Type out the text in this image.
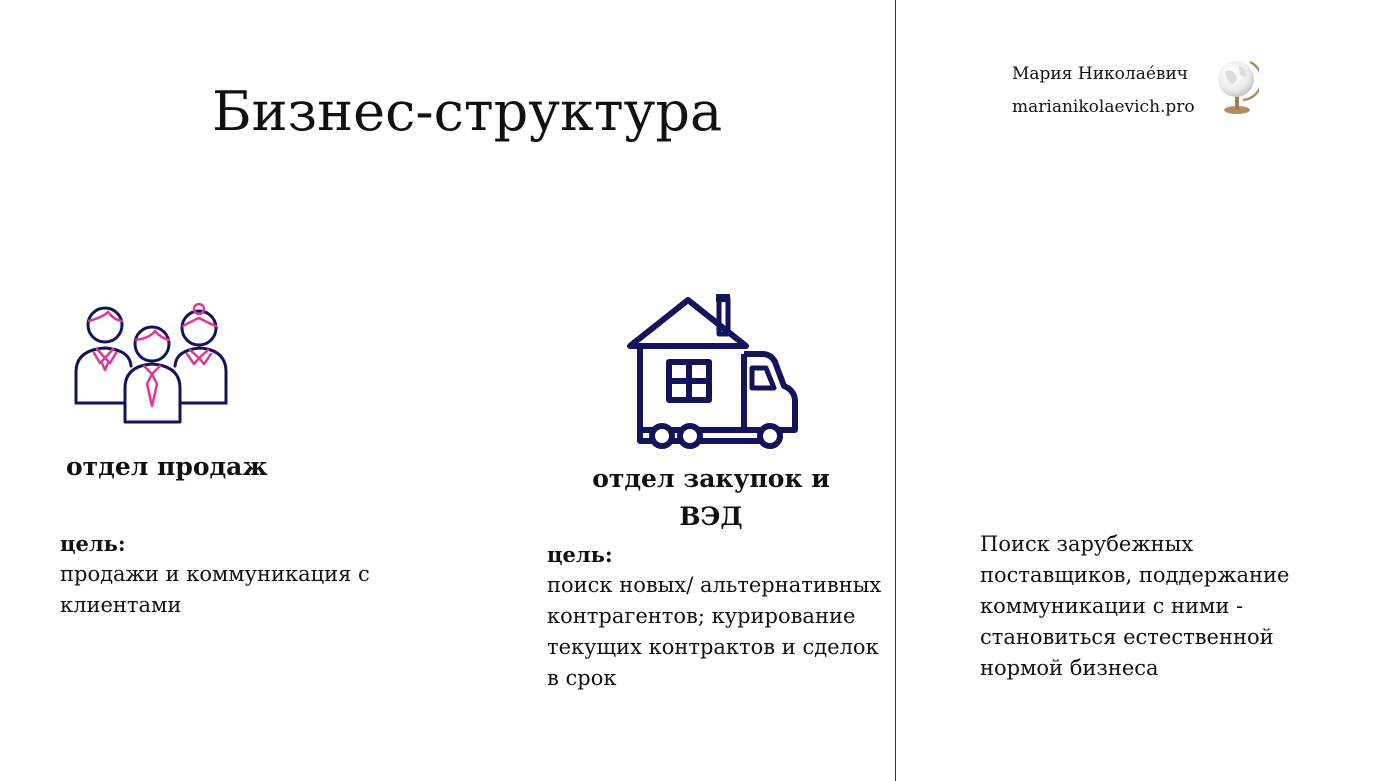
Бизнес-структура
Мария Николае́вич
marianikolaevich.pro
отдел продаж	отдел закупок и ВЭД
цель:
продажи и коммуникация с клиентами
цель:
поиск новых/ альтернативных контрагентов; курирование текущих контрактов и сделок в срок
Поиск зарубежных поставщиков, поддержание коммуникации с ними - становиться естественной нормой бизнеса
